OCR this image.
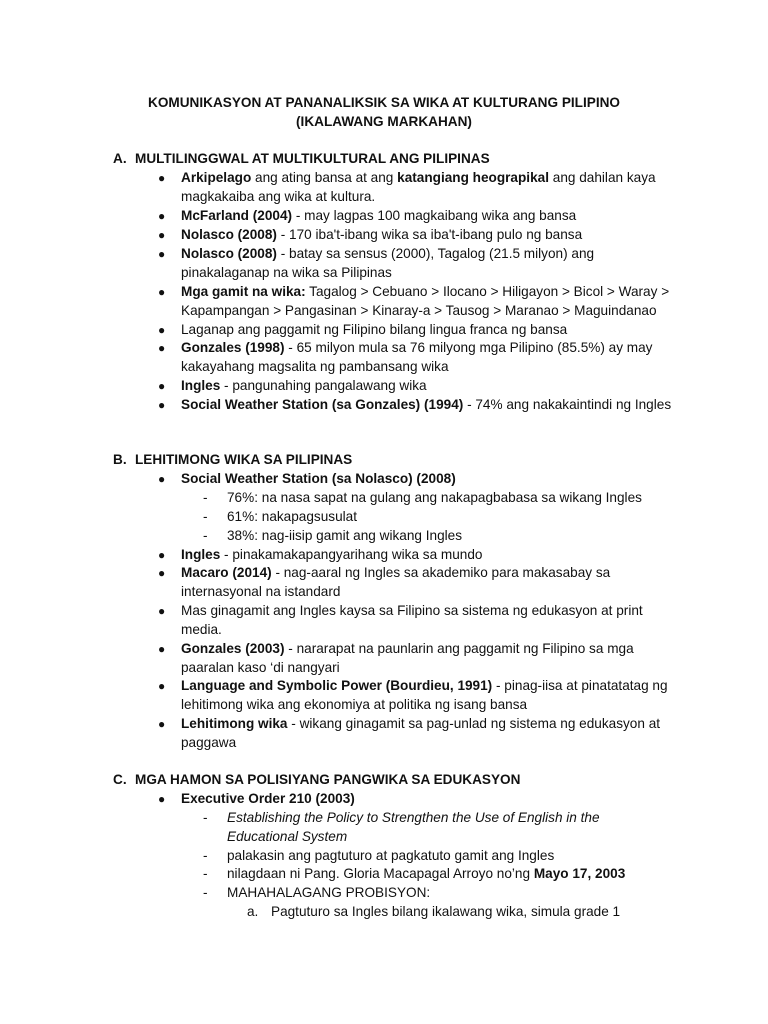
KOMUNIKASYON AT PANANALIKSIK SA WIKA AT KULTURANG PILIPINO
(IKALAWANG MARKAHAN)
A. MULTILINGGWAL AT MULTIKULTURAL ANG PILIPINAS
● Arkipelago ang ating bansa at ang katangiang heograpikal ang dahilan kaya magkakaiba ang wika at kultura.
● McFarland (2004) - may lagpas 100 magkaibang wika ang bansa
● Nolasco (2008) - 170 iba't-ibang wika sa iba't-ibang pulo ng bansa
● Nolasco (2008) - batay sa sensus (2000), Tagalog (21.5 milyon) ang pinakalaganap na wika sa Pilipinas
● Mga gamit na wika: Tagalog > Cebuano > Ilocano > Hiligayon > Bicol > Waray > Kapampangan > Pangasinan > Kinaray-a > Tausog > Maranao > Maguindanao
● Laganap ang paggamit ng Filipino bilang lingua franca ng bansa
● Gonzales (1998) - 65 milyon mula sa 76 milyong mga Pilipino (85.5%) ay may kakayahang magsalita ng pambansang wika
● Ingles - pangunahing pangalawang wika
● Social Weather Station (sa Gonzales) (1994) - 74% ang nakakaintindi ng Ingles
B. LEHITIMONG WIKA SA PILIPINAS
● Social Weather Station (sa Nolasco) (2008)
- 76%: na nasa sapat na gulang ang nakapagbabasa sa wikang Ingles
- 61%: nakapagsusulat
- 38%: nag-iisip gamit ang wikang Ingles
● Ingles - pinakamakapangyarihang wika sa mundo
● Macaro (2014) - nag-aaral ng Ingles sa akademiko para makasabay sa internasyonal na istandard
● Mas ginagamit ang Ingles kaysa sa Filipino sa sistema ng edukasyon at print media.
● Gonzales (2003) - nararapat na paunlarin ang paggamit ng Filipino sa mga paaralan kaso ‘di nangyari
● Language and Symbolic Power (Bourdieu, 1991) - pinag-iisa at pinatatatag ng lehitimong wika ang ekonomiya at politika ng isang bansa
● Lehitimong wika - wikang ginagamit sa pag-unlad ng sistema ng edukasyon at paggawa
C. MGA HAMON SA POLISIYANG PANGWIKA SA EDUKASYON
● Executive Order 210 (2003)
- Establishing the Policy to Strengthen the Use of English in the Educational System
- palakasin ang pagtuturo at pagkatuto gamit ang Ingles
- nilagdaan ni Pang. Gloria Macapagal Arroyo no’ng Mayo 17, 2003
- MAHAHALAGANG PROBISYON:
a. Pagtuturo sa Ingles bilang ikalawang wika, simula grade 1
